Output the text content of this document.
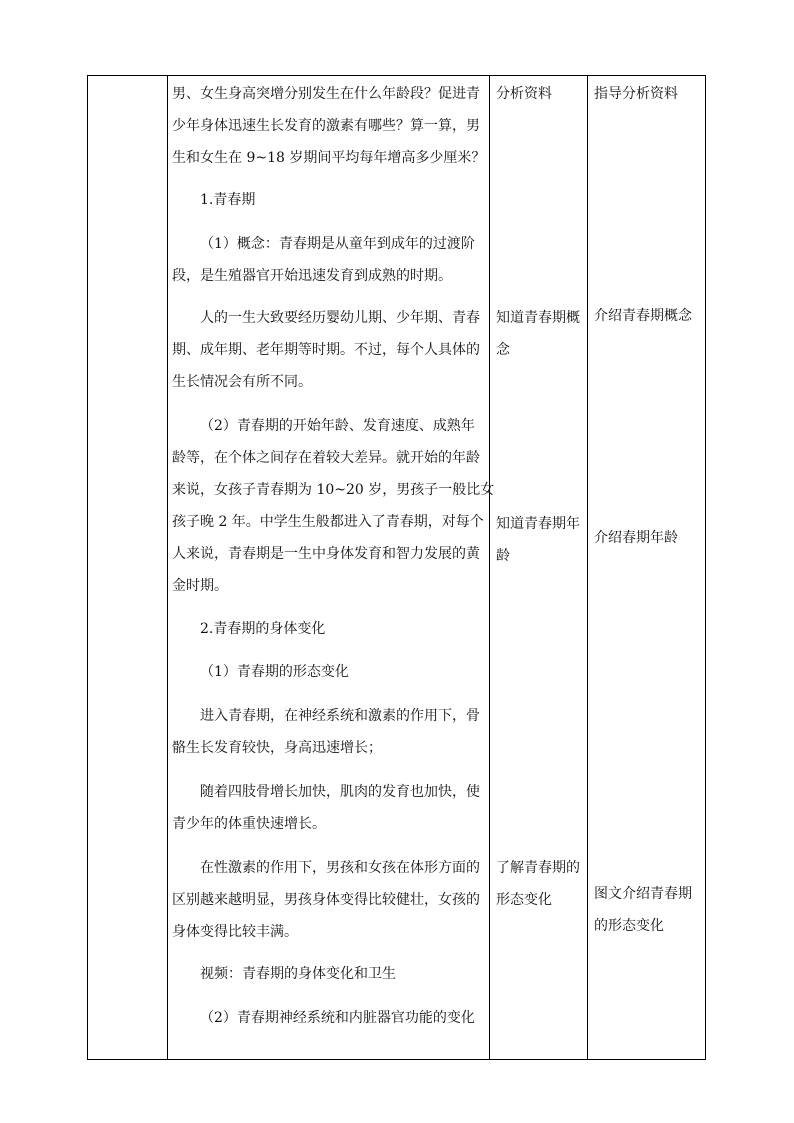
男、女生身高突增分别发生在什么年龄段？促进青
少年身体迅速生长发育的激素有哪些？算一算，男
生和女生在 9~18 岁期间平均每年增高多少厘米？
1.青春期
（1）概念：青春期是从童年到成年的过渡阶
段，是生殖器官开始迅速发育到成熟的时期。
人的一生大致要经历婴幼儿期、少年期、青春
期、成年期、老年期等时期。不过，每个人具体的
生长情况会有所不同。
（2）青春期的开始年龄、发育速度、成熟年
龄等，在个体之间存在着较大差异。就开始的年龄
来说，女孩子青春期为 10~20 岁，男孩子一般比女
孩子晚 2 年。中学生生般都进入了青春期，对每个
人来说，青春期是一生中身体发育和智力发展的黄
金时期。
2.青春期的身体变化
（1）青春期的形态变化
进入青春期，在神经系统和激素的作用下，骨
骼生长发育较快，身高迅速增长；
随着四肢骨增长加快，肌肉的发育也加快，使
青少年的体重快速增长。
在性激素的作用下，男孩和女孩在体形方面的
区别越来越明显，男孩身体变得比较健壮，女孩的
身体变得比较丰满。
视频：青春期的身体变化和卫生
（2）青春期神经系统和内脏器官功能的变化
分析资料
知道青春期概
念
知道青春期年
龄
了解青春期的
形态变化
指导分析资料
介绍青春期概念
介绍春期年龄
图文介绍青春期
的形态变化
